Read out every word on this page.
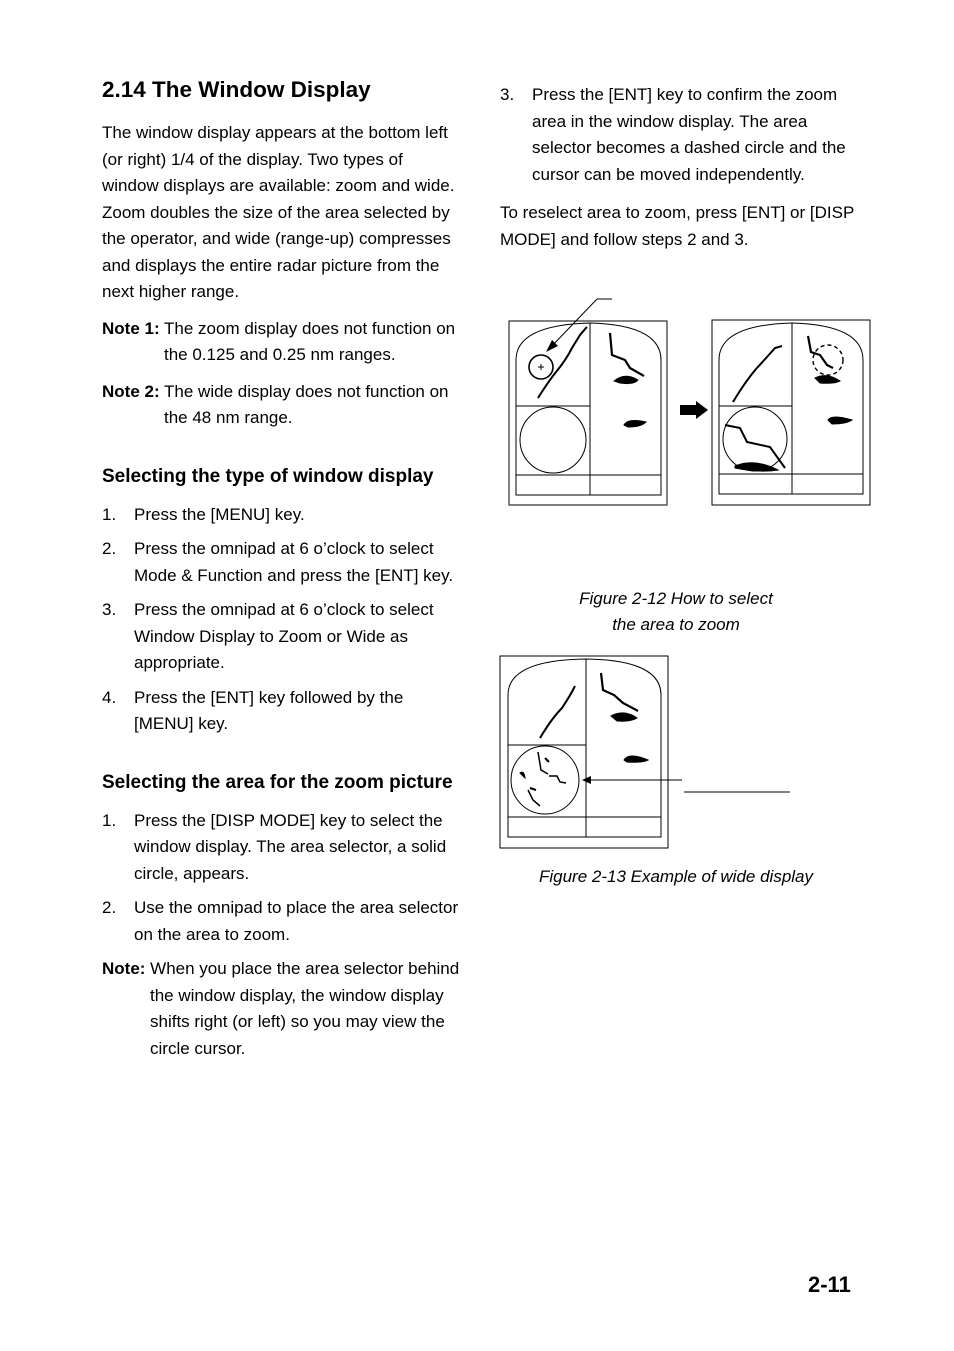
2.14 The Window Display

The window display appears at the bottom left (or right) 1/4 of the display. Two types of window displays are available: zoom and wide. Zoom doubles the size of the area selected by the operator, and wide (range-up) compresses and displays the entire radar picture from the next higher range.

Note 1: The zoom display does not function on the 0.125 and 0.25 nm ranges.
Note 2: The wide display does not function on the 48 nm range.
Selecting the type of window display
1. Press the [MENU] key.
2. Press the omnipad at 6 o’clock to select Mode & Function and press the [ENT] key.
3. Press the omnipad at 6 o’clock to select Window Display to Zoom or Wide as appropriate.
4. Press the [ENT] key followed by the [MENU] key.
Selecting the area for the zoom picture
1. Press the [DISP MODE] key to select the window display. The area selector, a solid circle, appears.
2. Use the omnipad to place the area selector on the area to zoom.
Note: When you place the area selector behind the window display, the window display shifts right (or left) so you may view the circle cursor.
3. Press the [ENT] key to confirm the zoom area in the window display. The area selector becomes a dashed circle and the cursor can be moved independently.

To reselect area to zoom, press [ENT] or [DISP MODE] and follow steps 2 and 3.

Figure 2-12 How to select
the area to zoom
Figure 2-13 Example of wide display
2-11
